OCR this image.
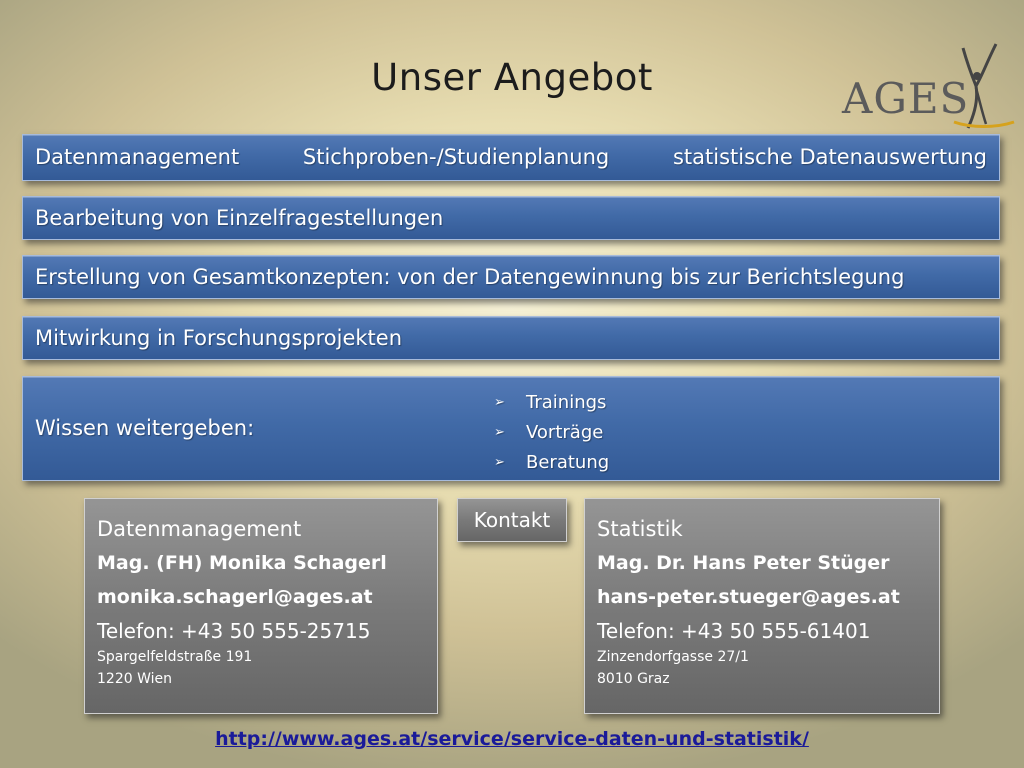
Unser Angebot	AGES
Datenmanagement	Stichproben-/Studienplanung	statistische Datenauswertung
Bearbeitung von Einzelfragestellungen
Erstellung von Gesamtkonzepten: von der Datengewinnung bis zur Berichtslegung
Mitwirkung in Forschungsprojekten
Wissen weitergeben:
➢	Trainings
➢	Vorträge
➢	Beratung
Datenmanagement
Mag. (FH) Monika Schagerl
monika.schagerl@ages.at
Telefon: +43 50 555-25715
Spargelfeldstraße 191
1220 Wien
Kontakt	Statistik
Mag. Dr. Hans Peter Stüger
hans-peter.stueger@ages.at
Telefon: +43 50 555-61401
Zinzendorfgasse 27/1
8010 Graz
http://www.ages.at/service/service-daten-und-statistik/
